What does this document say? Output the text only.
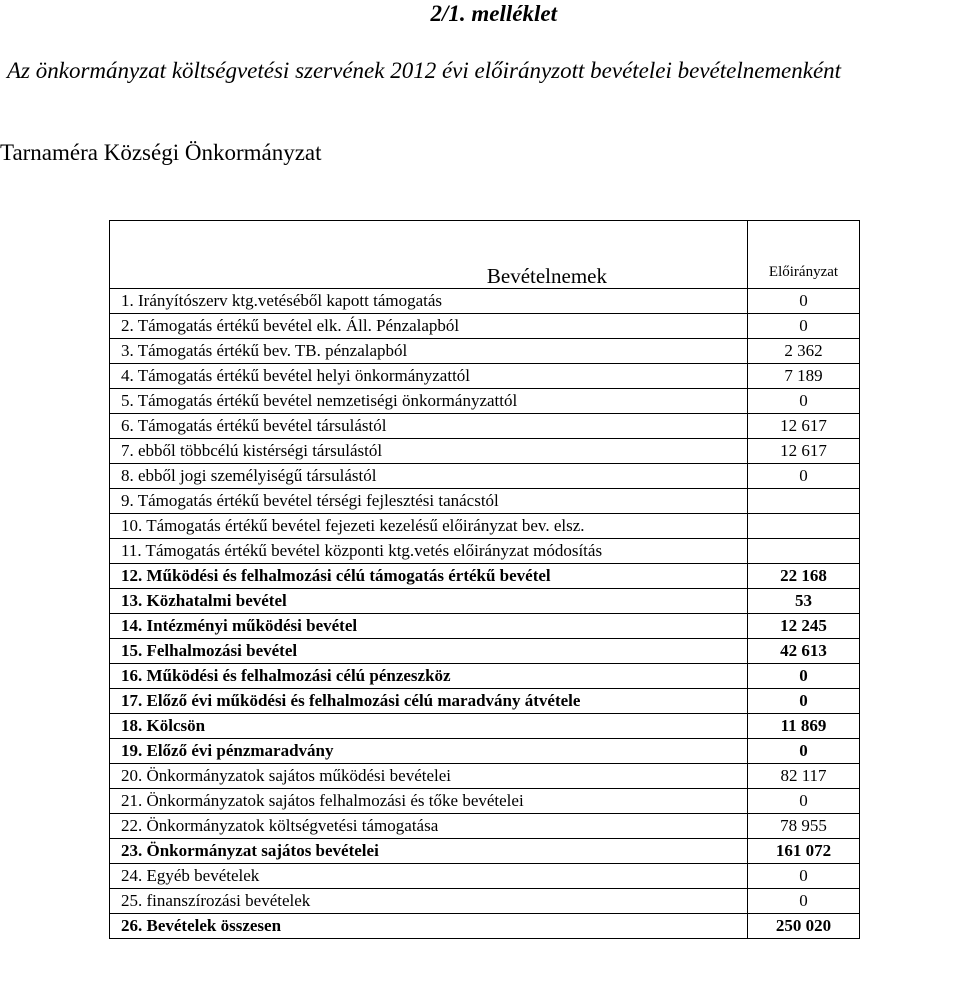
2/1. melléklet
Az önkormányzat költségvetési szervének 2012 évi előirányzott bevételei bevételnemenként
Tarnaméra Községi Önkormányzat
Bevételnemek	Előirányzat
1. Irányítószerv ktg.vetéséből kapott támogatás	0
2. Támogatás értékű bevétel elk. Áll. Pénzalapból	0
3. Támogatás értékű bev. TB. pénzalapból	2 362
4. Támogatás értékű bevétel helyi önkormányzattól	7 189
5. Támogatás értékű bevétel nemzetiségi önkormányzattól	0
6. Támogatás értékű bevétel társulástól	12 617
7. ebből többcélú kistérségi társulástól	12 617
8. ebből jogi személyiségű társulástól	0
9. Támogatás értékű bevétel térségi fejlesztési tanácstól	
10. Támogatás értékű bevétel fejezeti kezelésű előirányzat bev. elsz.	
11. Támogatás értékű bevétel központi ktg.vetés előirányzat módosítás	
12. Működési és felhalmozási célú támogatás értékű bevétel	22 168
13. Közhatalmi bevétel	53
14. Intézményi működési bevétel	12 245
15. Felhalmozási bevétel	42 613
16. Működési és felhalmozási célú pénzeszköz	0
17. Előző évi működési és felhalmozási célú maradvány átvétele	0
18. Kölcsön	11 869
19. Előző évi pénzmaradvány	0
20. Önkormányzatok sajátos működési bevételei	82 117
21. Önkormányzatok sajátos felhalmozási és tőke bevételei	0
22. Önkormányzatok költségvetési támogatása	78 955
23. Önkormányzat sajátos bevételei	161 072
24. Egyéb bevételek	0
25. finanszírozási bevételek	0
26. Bevételek összesen	250 020
